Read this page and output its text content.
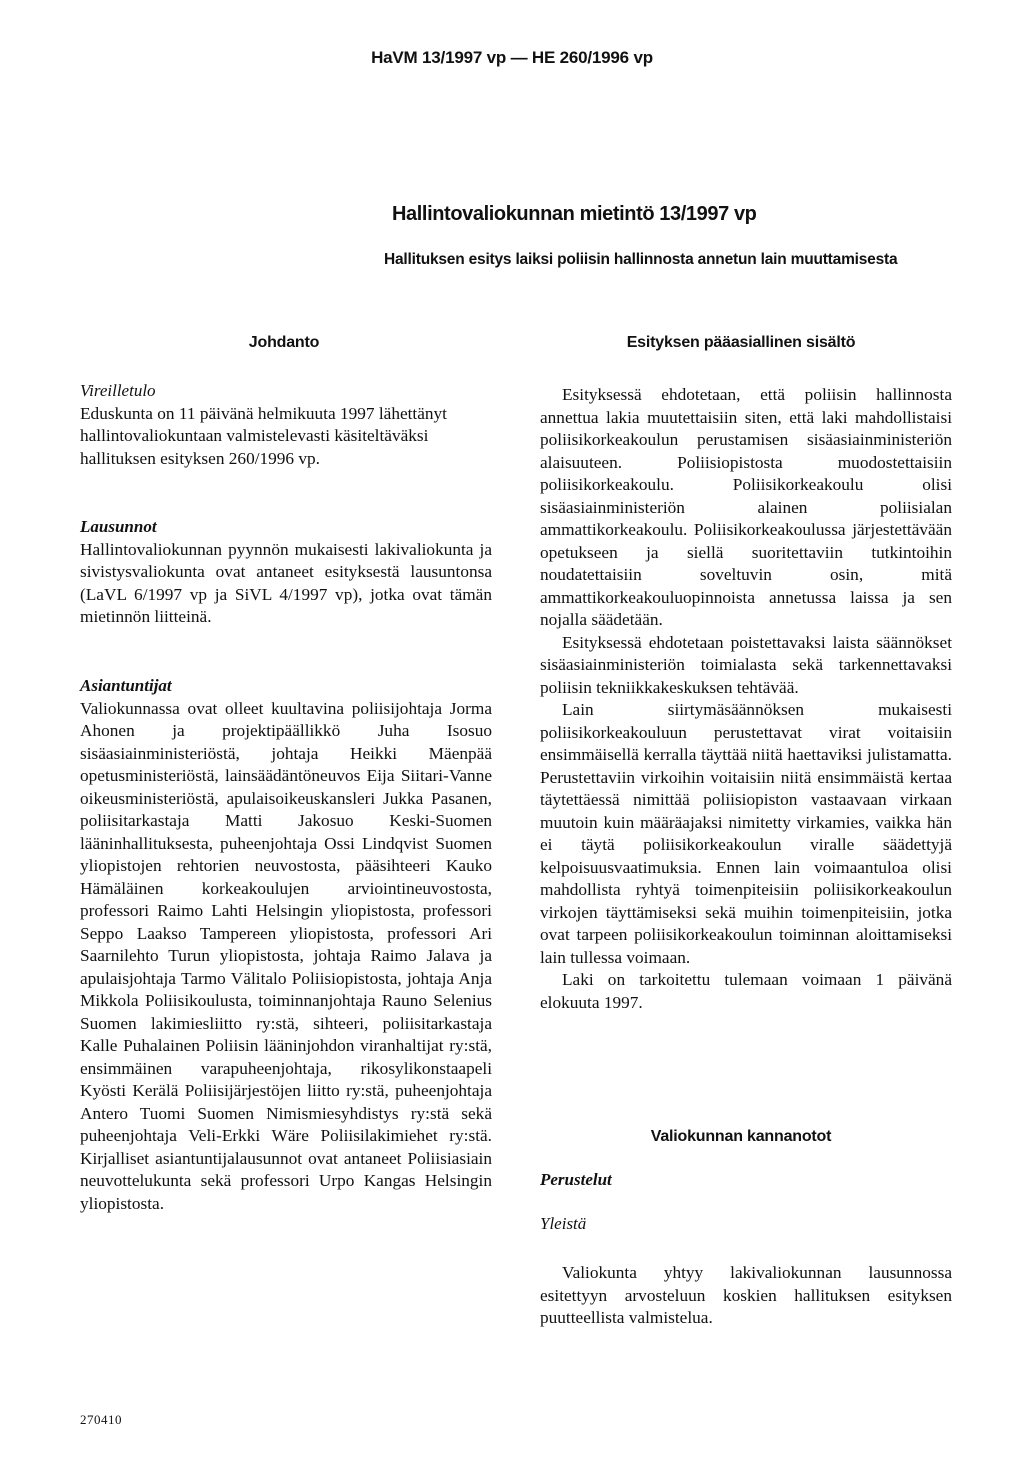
HaVM 13/1997 vp — HE 260/1996 vp
Hallintovaliokunnan mietintö 13/1997 vp
Hallituksen esitys laiksi poliisin hallinnosta annetun lain muuttamisesta
Johdanto
Vireilletulo

Eduskunta on 11 päivänä helmikuuta 1997 lähettänyt hallintovaliokuntaan valmistelevasti käsiteltäväksi hallituksen esityksen 260/1996 vp.

Lausunnot

Hallintovaliokunnan pyynnön mukaisesti lakivaliokunta ja sivistysvaliokunta ovat antaneet esityksestä lausuntonsa (LaVL 6/1997 vp ja SiVL 4/1997 vp), jotka ovat tämän mietinnön liitteinä.

Asiantuntijat

Valiokunnassa ovat olleet kuultavina poliisijohtaja Jorma Ahonen ja projektipäällikkö Juha Isosuo sisäasiainministeriöstä, johtaja Heikki Mäenpää opetusministeriöstä, lainsäädäntöneuvos Eija Siitari-Vanne oikeusministeriöstä, apulaisoikeuskansleri Jukka Pasanen, poliisitarkastaja Matti Jakosuo Keski-Suomen lääninhallituksesta, puheenjohtaja Ossi Lindqvist Suomen yliopistojen rehtorien neuvostosta, pääsihteeri Kauko Hämäläinen korkeakoulujen arviointineuvostosta, professori Raimo Lahti Helsingin yliopistosta, professori Seppo Laakso Tampereen yliopistosta, professori Ari Saarnilehto Turun yliopistosta, johtaja Raimo Jalava ja apulaisjohtaja Tarmo Välitalo Poliisiopistosta, johtaja Anja Mikkola Poliisikoulusta, toiminnanjohtaja Rauno Selenius Suomen lakimiesliitto ry:stä, sihteeri, poliisitarkastaja Kalle Puhalainen Poliisin lääninjohdon viranhaltijat ry:stä, ensimmäinen varapuheenjohtaja, rikosylikonstaapeli Kyösti Kerälä Poliisijärjestöjen liitto ry:stä, puheenjohtaja Antero Tuomi Suomen Nimismiesyhdistys ry:stä sekä puheenjohtaja Veli-Erkki Wäre Poliisilakimiehet ry:stä. Kirjalliset asiantuntijalausunnot ovat antaneet Poliisiasiain neuvottelukunta sekä professori Urpo Kangas Helsingin yliopistosta.

270410
Esityksen pääasiallinen sisältö

Esityksessä ehdotetaan, että poliisin hallinnosta annettua lakia muutettaisiin siten, että laki mahdollistaisi poliisikorkeakoulun perustamisen sisäasiainministeriön alaisuuteen. Poliisiopistosta muodostettaisiin poliisikorkeakoulu. Poliisikorkeakoulu olisi sisäasiainministeriön alainen poliisialan ammattikorkeakoulu. Poliisikorkeakoulussa järjestettävään opetukseen ja siellä suoritettaviin tutkintoihin noudatettaisiin soveltuvin osin, mitä ammattikorkeakouluopinnoista annetussa laissa ja sen nojalla säädetään.

Esityksessä ehdotetaan poistettavaksi laista säännökset sisäasiainministeriön toimialasta sekä tarkennettavaksi poliisin tekniikkakeskuksen tehtävää.

Lain siirtymäsäännöksen mukaisesti poliisikorkeakouluun perustettavat virat voitaisiin ensimmäisellä kerralla täyttää niitä haettaviksi julistamatta. Perustettaviin virkoihin voitaisiin niitä ensimmäistä kertaa täytettäessä nimittää poliisiopiston vastaavaan virkaan muutoin kuin määräajaksi nimitetty virkamies, vaikka hän ei täytä poliisikorkeakoulun viralle säädettyjä kelpoisuusvaatimuksia. Ennen lain voimaantuloa olisi mahdollista ryhtyä toimenpiteisiin poliisikorkeakoulun virkojen täyttämiseksi sekä muihin toimenpiteisiin, jotka ovat tarpeen poliisikorkeakoulun toiminnan aloittamiseksi lain tullessa voimaan.

Laki on tarkoitettu tulemaan voimaan 1 päivänä elokuuta 1997.

Valiokunnan kannanotot
Perustelut
Yleistä

Valiokunta yhtyy lakivaliokunnan lausunnossa esitettyyn arvosteluun koskien hallituksen esityksen puutteellista valmistelua.
